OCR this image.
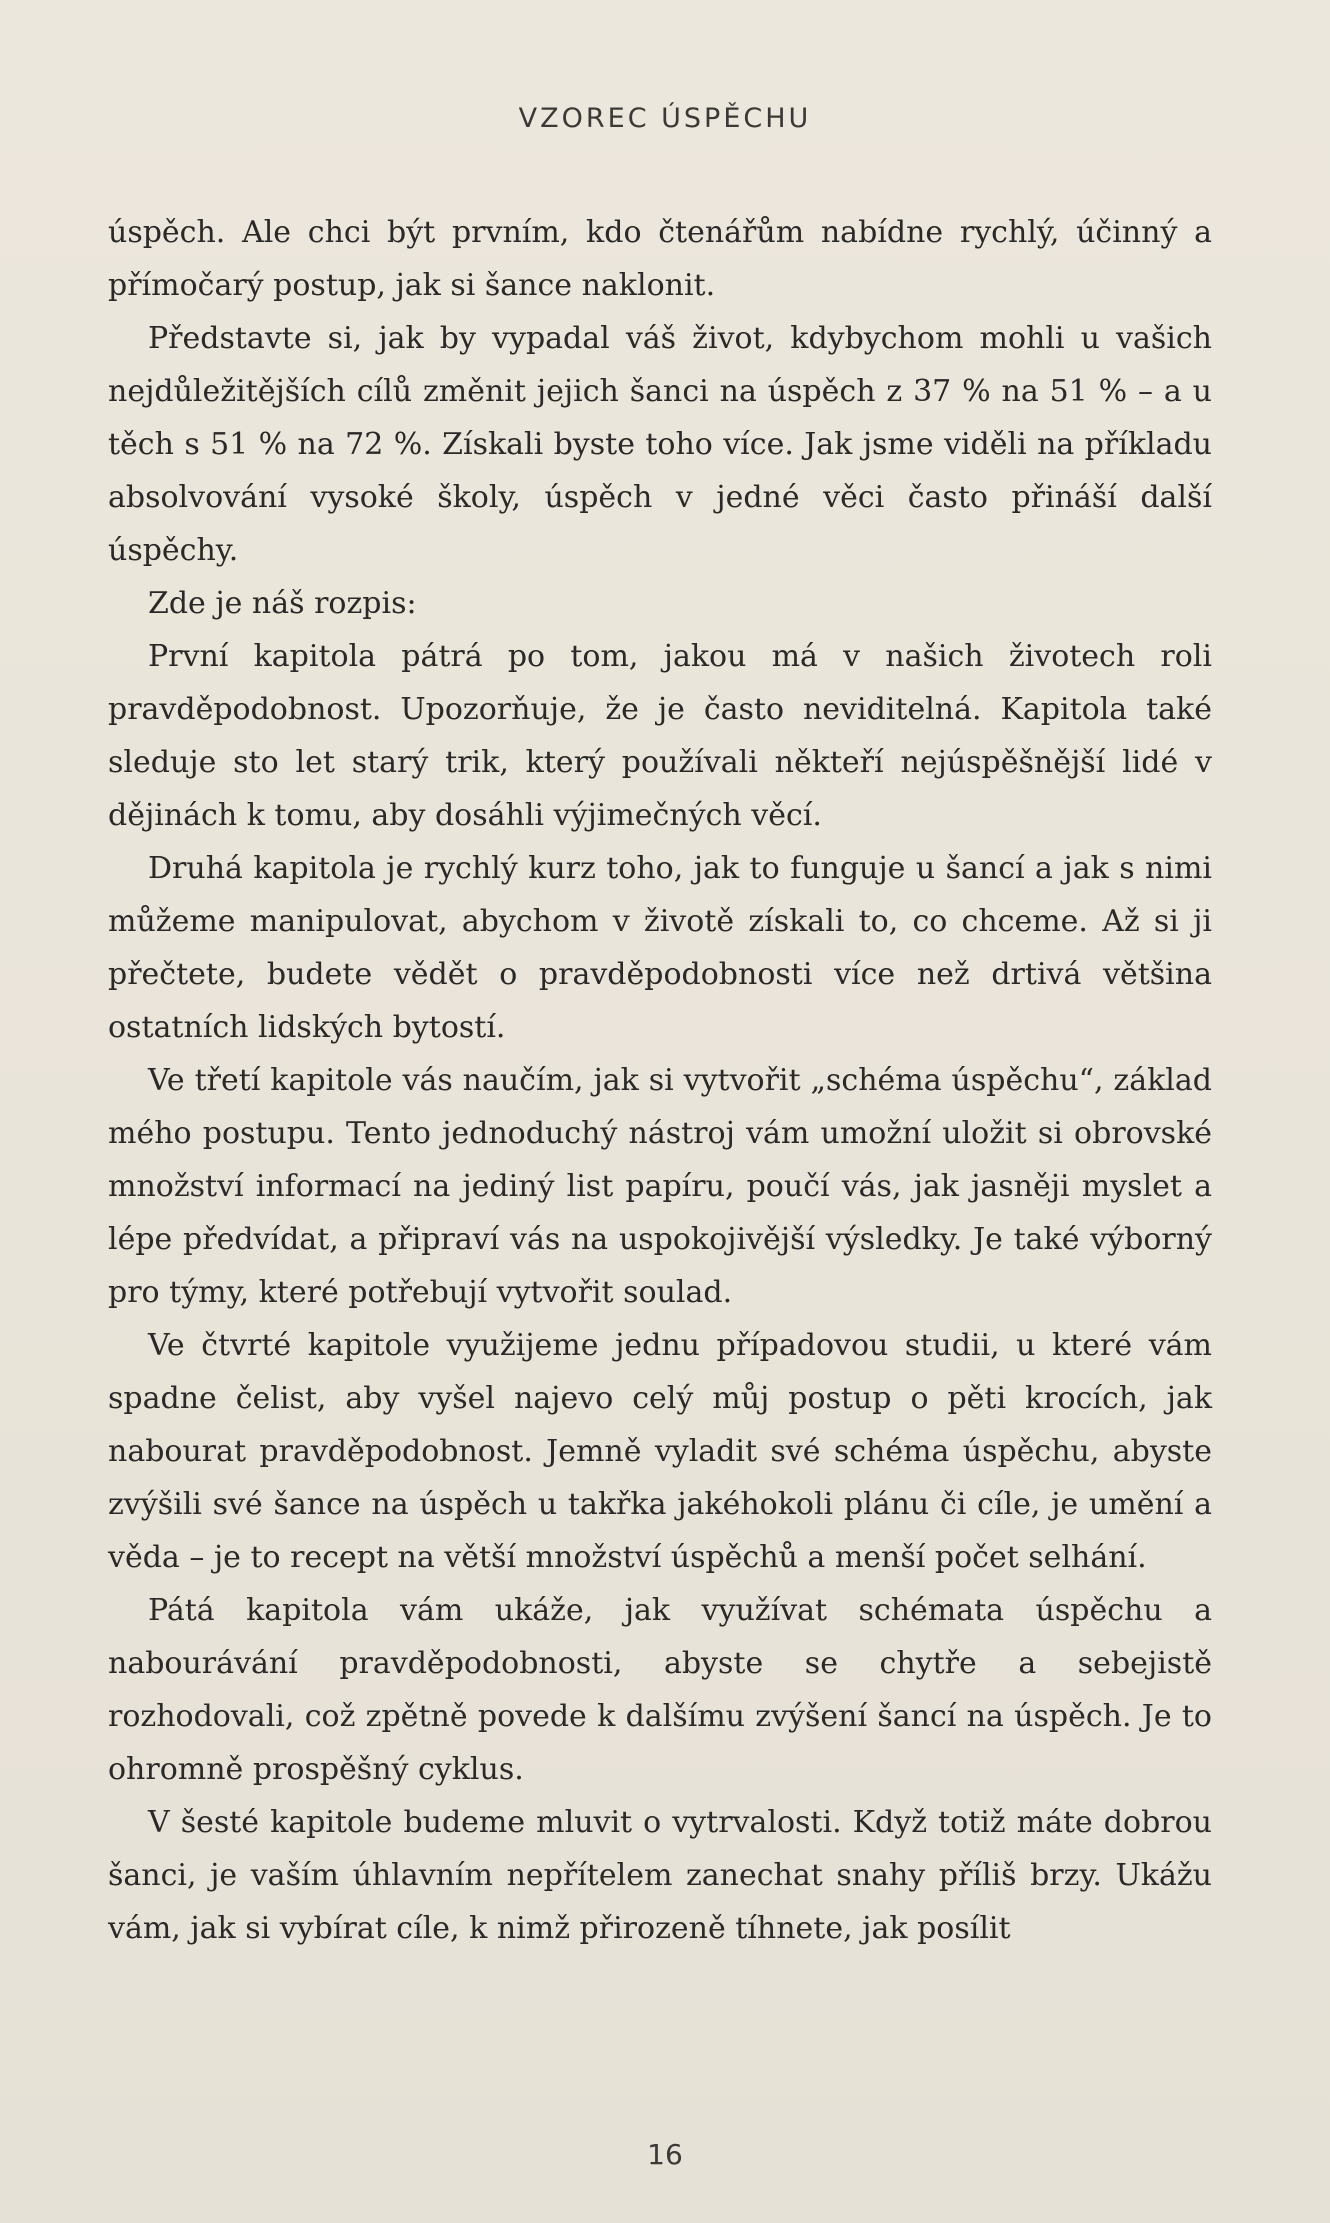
VZOREC ÚSPĚCHU

úspěch. Ale chci být prvním, kdo čtenářům nabídne rychlý, účinný a přímočarý postup, jak si šance naklonit.

Představte si, jak by vypadal váš život, kdybychom mohli u vašich nejdůležitějších cílů změnit jejich šanci na úspěch z 37 % na 51 % – a u těch s 51 % na 72 %. Získali byste toho více. Jak jsme viděli na příkladu absolvování vysoké školy, úspěch v jedné věci často přináší další úspěchy.

Zde je náš rozpis:

První kapitola pátrá po tom, jakou má v našich životech roli pravděpodobnost. Upozorňuje, že je často neviditelná. Kapitola také sleduje sto let starý trik, který používali někteří nejúspěšnější lidé v dějinách k tomu, aby dosáhli výjimečných věcí.

Druhá kapitola je rychlý kurz toho, jak to funguje u šancí a jak s nimi můžeme manipulovat, abychom v životě získali to, co chceme. Až si ji přečtete, budete vědět o pravděpodobnosti více než drtivá většina ostatních lidských bytostí.

Ve třetí kapitole vás naučím, jak si vytvořit „schéma úspěchu“, základ mého postupu. Tento jednoduchý nástroj vám umožní uložit si obrovské množství informací na jediný list papíru, poučí vás, jak jasněji myslet a lépe předvídat, a připraví vás na uspokojivější výsledky. Je také výborný pro týmy, které potřebují vytvořit soulad.

Ve čtvrté kapitole využijeme jednu případovou studii, u které vám spadne čelist, aby vyšel najevo celý můj postup o pěti krocích, jak nabourat pravděpodobnost. Jemně vyladit své schéma úspěchu, abyste zvýšili své šance na úspěch u takřka jakéhokoli plánu či cíle, je umění a věda – je to recept na větší množství úspěchů a menší počet selhání.

Pátá kapitola vám ukáže, jak využívat schémata úspěchu a nabourávání pravděpodobnosti, abyste se chytře a sebejistě rozhodovali, což zpětně povede k dalšímu zvýšení šancí na úspěch. Je to ohromně prospěšný cyklus.

V šesté kapitole budeme mluvit o vytrvalosti. Když totiž máte dobrou šanci, je vaším úhlavním nepřítelem zanechat snahy příliš brzy. Ukážu vám, jak si vybírat cíle, k nimž přirozeně tíhnete, jak posílit

16
